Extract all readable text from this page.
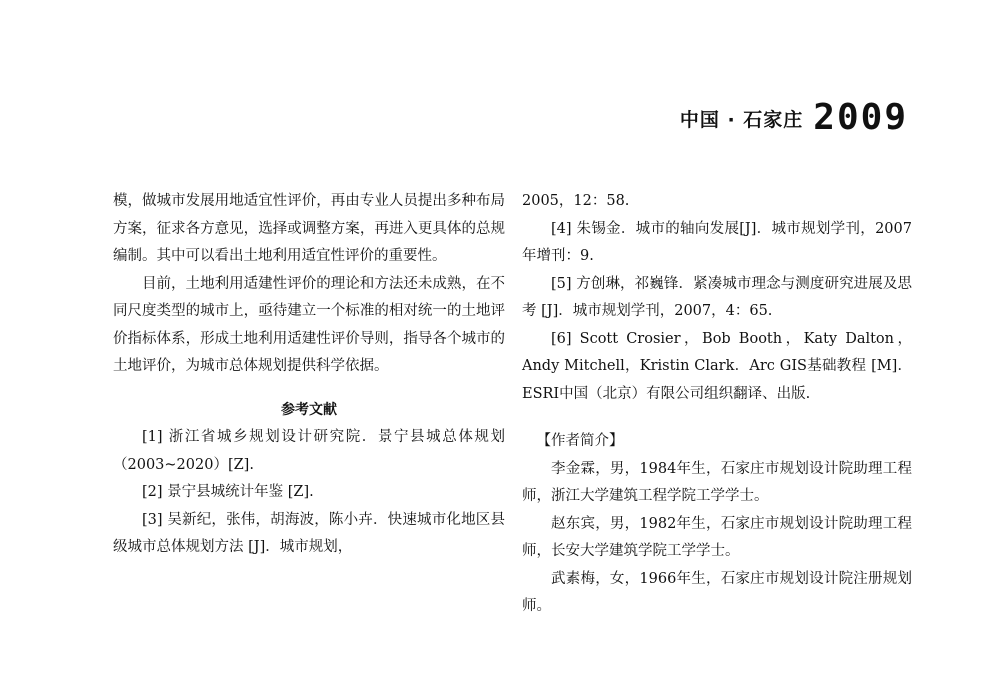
中国 · 石家庄 2009

模，做城市发展用地适宜性评价，再由专业人员提出多种布局方案，征求各方意见，选择或调整方案，再进入更具体的总规编制。其中可以看出土地利用适宜性评价的重要性。

目前，土地利用适建性评价的理论和方法还未成熟，在不同尺度类型的城市上，亟待建立一个标准的相对统一的土地评价指标体系，形成土地利用适建性评价导则，指导各个城市的土地评价，为城市总体规划提供科学依据。

参考文献

[1] 浙江省城乡规划设计研究院．景宁县城总体规划（2003~2020）[Z].

[2] 景宁县城统计年鉴 [Z].

[3] 吴新纪，张伟，胡海波，陈小卉．快速城市化地区县级城市总体规划方法 [J]．城市规划，

2005，12：58.

[4] 朱锡金．城市的轴向发展[J]．城市规划学刊，2007年增刊：9.

[5] 方创琳，祁巍锋．紧凑城市理念与测度研究进展及思考 [J]．城市规划学刊，2007，4：65.

[6] Scott Crosier，Bob Booth，Katy Dalton，Andy Mitchell，Kristin Clark．Arc GIS基础教程 [M]．ESRI中国（北京）有限公司组织翻译、出版.

【作者简介】

李金霖，男，1984年生，石家庄市规划设计院助理工程师，浙江大学建筑工程学院工学学士。

赵东宾，男，1982年生，石家庄市规划设计院助理工程师，长安大学建筑学院工学学士。

武素梅，女，1966年生，石家庄市规划设计院注册规划师。
